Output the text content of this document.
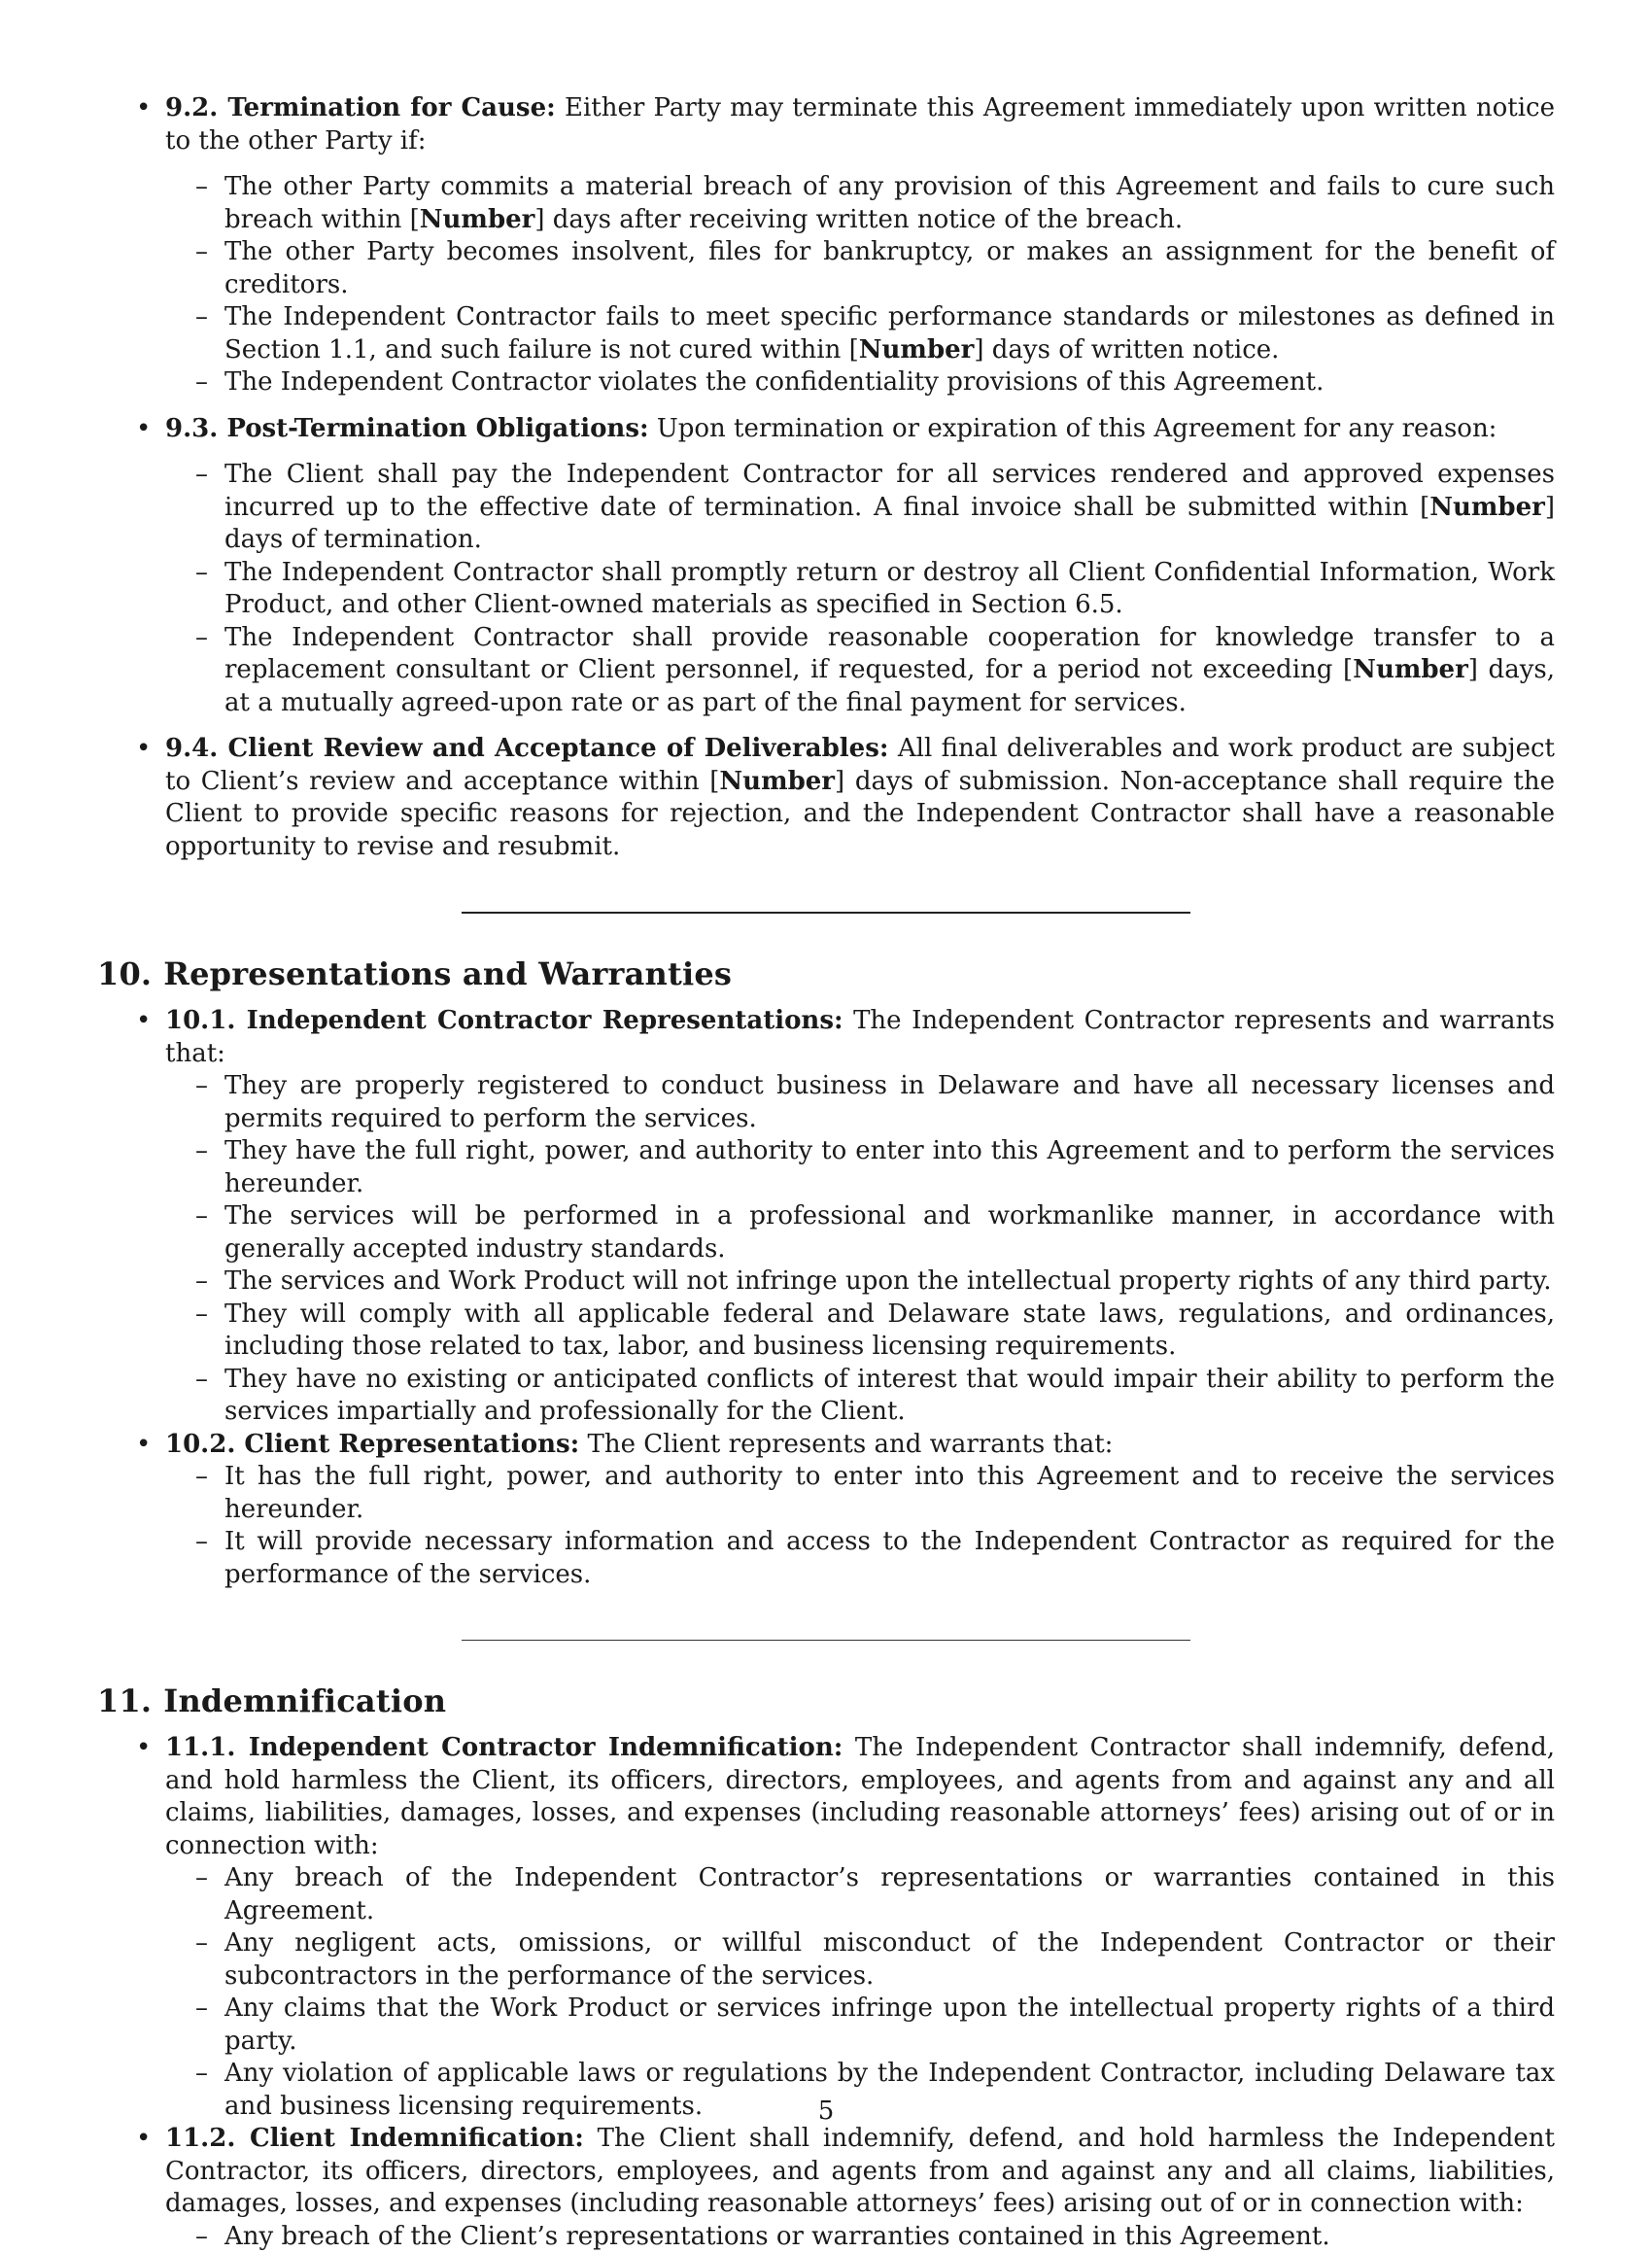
• 9.2. Termination for Cause: Either Party may terminate this Agreement immediately upon written notice to the other Party if:
– The other Party commits a material breach of any provision of this Agreement and fails to cure such breach within [Number] days after receiving written notice of the breach.
– The other Party becomes insolvent, files for bankruptcy, or makes an assignment for the benefit of creditors.
– The Independent Contractor fails to meet specific performance standards or milestones as defined in Section 1.1, and such failure is not cured within [Number] days of written notice.
– The Independent Contractor violates the confidentiality provisions of this Agreement.
• 9.3. Post-Termination Obligations: Upon termination or expiration of this Agreement for any reason:
– The Client shall pay the Independent Contractor for all services rendered and approved expenses incurred up to the effective date of termination. A final invoice shall be submitted within [Number] days of termination.
– The Independent Contractor shall promptly return or destroy all Client Confidential Information, Work Product, and other Client-owned materials as specified in Section 6.5.
– The Independent Contractor shall provide reasonable cooperation for knowledge transfer to a replacement consultant or Client personnel, if requested, for a period not exceeding [Number] days, at a mutually agreed-upon rate or as part of the final payment for services.
• 9.4. Client Review and Acceptance of Deliverables: All final deliverables and work product are subject to Client’s review and acceptance within [Number] days of submission. Non-acceptance shall require the Client to provide specific reasons for rejection, and the Independent Contractor shall have a reasonable opportunity to revise and resubmit.
10. Representations and Warranties
• 10.1. Independent Contractor Representations: The Independent Contractor represents and warrants that:
– They are properly registered to conduct business in Delaware and have all necessary licenses and permits required to perform the services.
– They have the full right, power, and authority to enter into this Agreement and to perform the services hereunder.
– The services will be performed in a professional and workmanlike manner, in accordance with generally accepted industry standards.
– The services and Work Product will not infringe upon the intellectual property rights of any third party.
– They will comply with all applicable federal and Delaware state laws, regulations, and ordinances, including those related to tax, labor, and business licensing requirements.
– They have no existing or anticipated conflicts of interest that would impair their ability to perform the services impartially and professionally for the Client.
• 10.2. Client Representations: The Client represents and warrants that:
– It has the full right, power, and authority to enter into this Agreement and to receive the services hereunder.
– It will provide necessary information and access to the Independent Contractor as required for the performance of the services.
11. Indemnification
• 11.1. Independent Contractor Indemnification: The Independent Contractor shall indemnify, defend, and hold harmless the Client, its officers, directors, employees, and agents from and against any and all claims, liabilities, damages, losses, and expenses (including reasonable attorneys’ fees) arising out of or in connection with:
– Any breach of the Independent Contractor’s representations or warranties contained in this Agreement.
– Any negligent acts, omissions, or willful misconduct of the Independent Contractor or their subcontractors in the performance of the services.
– Any claims that the Work Product or services infringe upon the intellectual property rights of a third party.
– Any violation of applicable laws or regulations by the Independent Contractor, including Delaware tax and business licensing requirements.
• 11.2. Client Indemnification: The Client shall indemnify, defend, and hold harmless the Independent Contractor, its officers, directors, employees, and agents from and against any and all claims, liabilities, damages, losses, and expenses (including reasonable attorneys’ fees) arising out of or in connection with:
– Any breach of the Client’s representations or warranties contained in this Agreement.
5
